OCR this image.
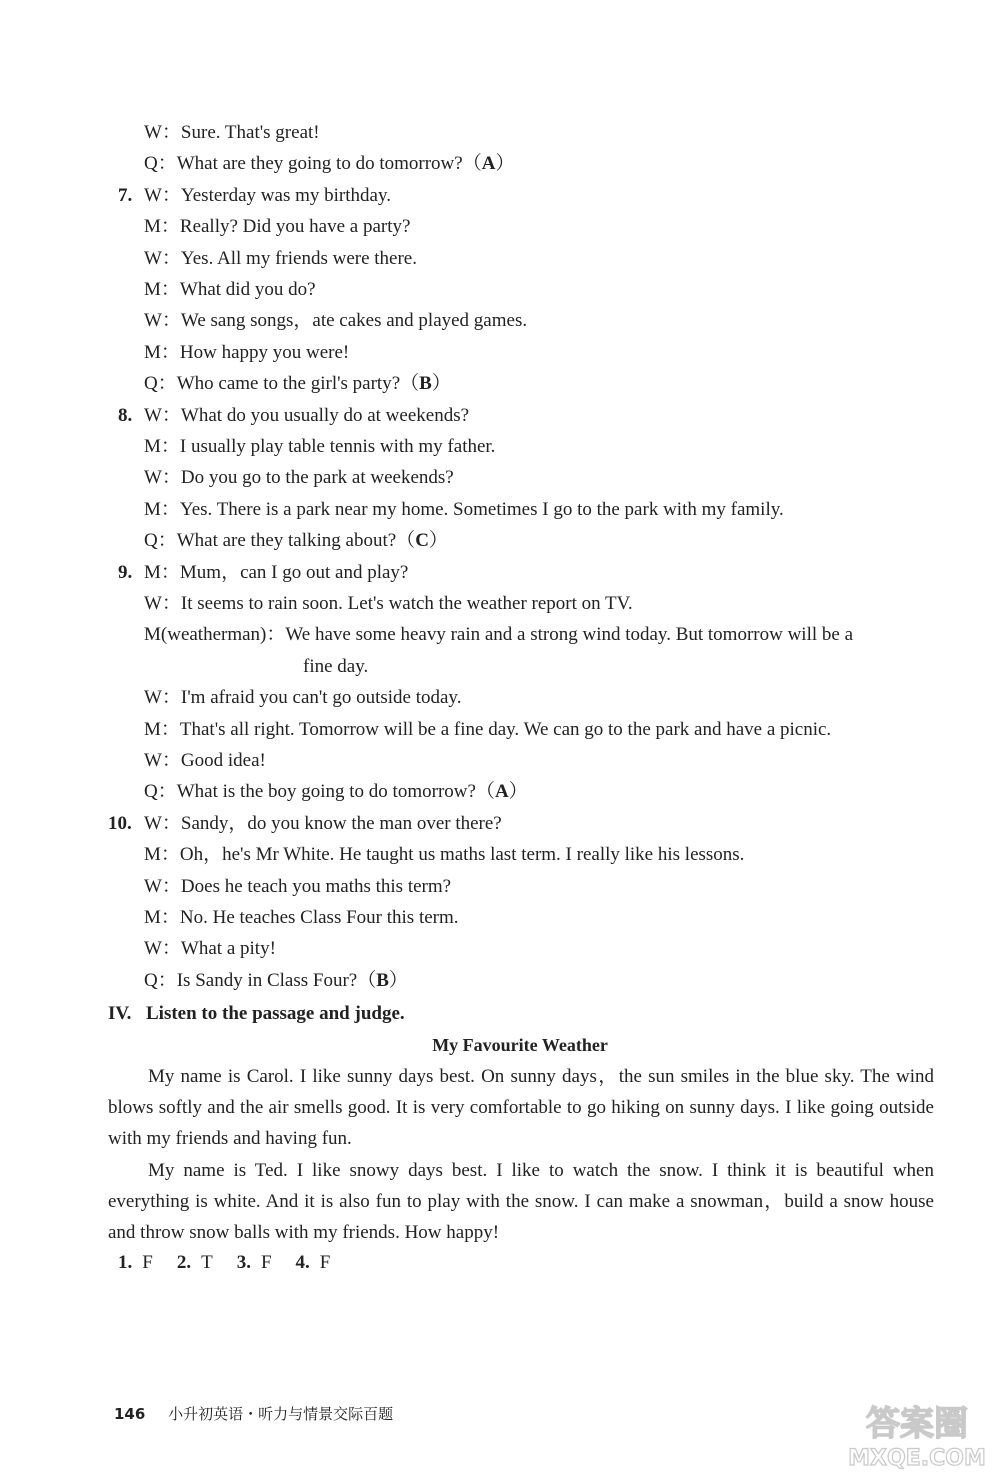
W：Sure. That's great!
Q：What are they going to do tomorrow?（A）
7. W：Yesterday was my birthday.
M：Really? Did you have a party?
W：Yes. All my friends were there.
M：What did you do?
W：We sang songs，ate cakes and played games.
M：How happy you were!
Q：Who came to the girl's party?（B）
8. W：What do you usually do at weekends?
M：I usually play table tennis with my father.
W：Do you go to the park at weekends?
M：Yes. There is a park near my home. Sometimes I go to the park with my family.
Q：What are they talking about?（C）
9. M：Mum，can I go out and play?
W：It seems to rain soon. Let's watch the weather report on TV.
M(weatherman)：We have some heavy rain and a strong wind today. But tomorrow will be a
fine day.
W：I'm afraid you can't go outside today.
M：That's all right. Tomorrow will be a fine day. We can go to the park and have a picnic.
W：Good idea!
Q：What is the boy going to do tomorrow?（A）
10. W：Sandy，do you know the man over there?
M：Oh，he's Mr White. He taught us maths last term. I really like his lessons.
W：Does he teach you maths this term?
M：No. He teaches Class Four this term.
W：What a pity!
Q：Is Sandy in Class Four?（B）
IV. Listen to the passage and judge.
My Favourite Weather

My name is Carol. I like sunny days best. On sunny days，the sun smiles in the blue sky. The wind blows softly and the air smells good. It is very comfortable to go hiking on sunny days. I like going outside with my friends and having fun.

My name is Ted. I like snowy days best. I like to watch the snow. I think it is beautiful when everything is white. And it is also fun to play with the snow. I can make a snowman，build a snow house and throw snow balls with my friends. How happy!

1. F 2. T 3. F 4. F
146 小升初英语・听力与情景交际百题	答案圈
MXQE.COM
